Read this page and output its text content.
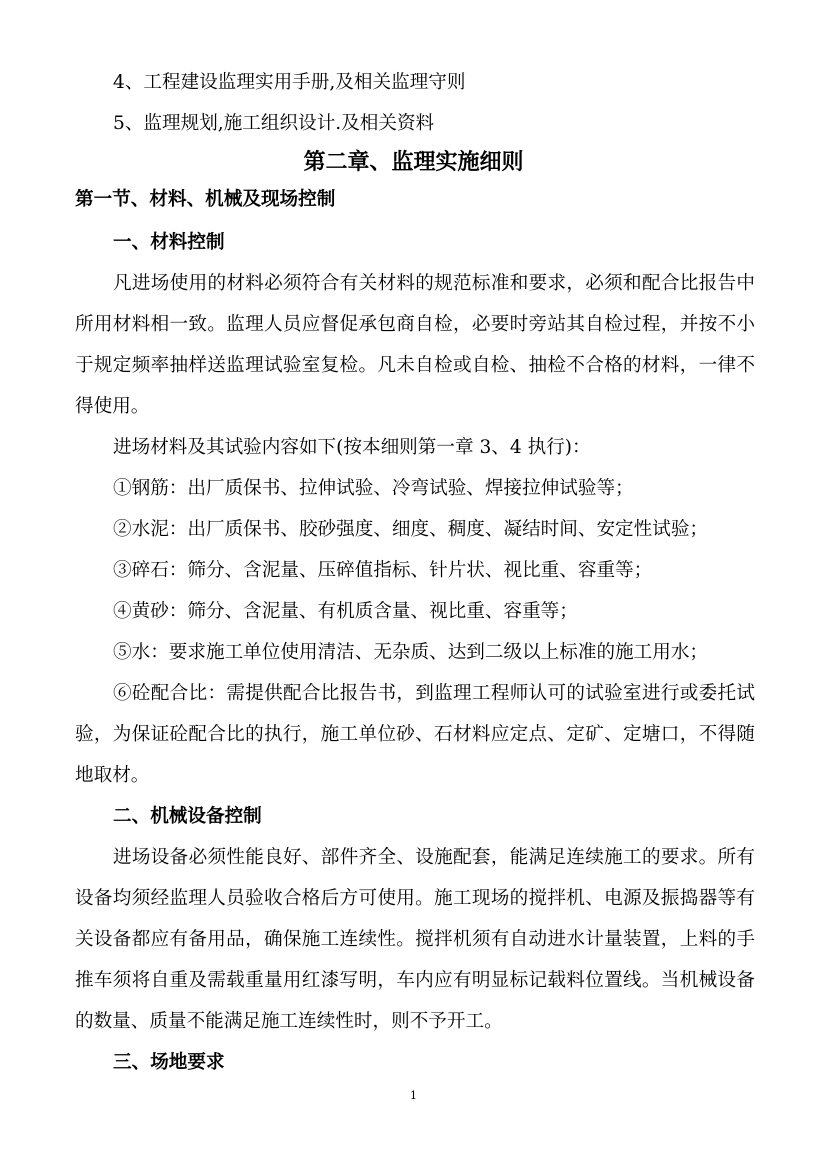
4、工程建设监理实用手册,及相关监理守则
5、监理规划,施工组织设计.及相关资料
第二章、监理实施细则
第一节、材料、机械及现场控制
一、材料控制
凡进场使用的材料必须符合有关材料的规范标准和要求，必须和配合比报告中
所用材料相一致。监理人员应督促承包商自检，必要时旁站其自检过程，并按不小
于规定频率抽样送监理试验室复检。凡未自检或自检、抽检不合格的材料，一律不
得使用。
进场材料及其试验内容如下(按本细则第一章 3、4 执行)：
①钢筋：出厂质保书、拉伸试验、冷弯试验、焊接拉伸试验等；
②水泥：出厂质保书、胶砂强度、细度、稠度、凝结时间、安定性试验；
③碎石：筛分、含泥量、压碎值指标、针片状、视比重、容重等；
④黄砂：筛分、含泥量、有机质含量、视比重、容重等；
⑤水：要求施工单位使用清洁、无杂质、达到二级以上标准的施工用水；
⑥砼配合比：需提供配合比报告书，到监理工程师认可的试验室进行或委托试
验，为保证砼配合比的执行，施工单位砂、石材料应定点、定矿、定塘口，不得随
地取材。
二、机械设备控制
进场设备必须性能良好、部件齐全、设施配套，能满足连续施工的要求。所有
设备均须经监理人员验收合格后方可使用。施工现场的搅拌机、电源及振捣器等有
关设备都应有备用品，确保施工连续性。搅拌机须有自动进水计量装置，上料的手
推车须将自重及需载重量用红漆写明，车内应有明显标记载料位置线。当机械设备
的数量、质量不能满足施工连续性时，则不予开工。
三、场地要求
1
